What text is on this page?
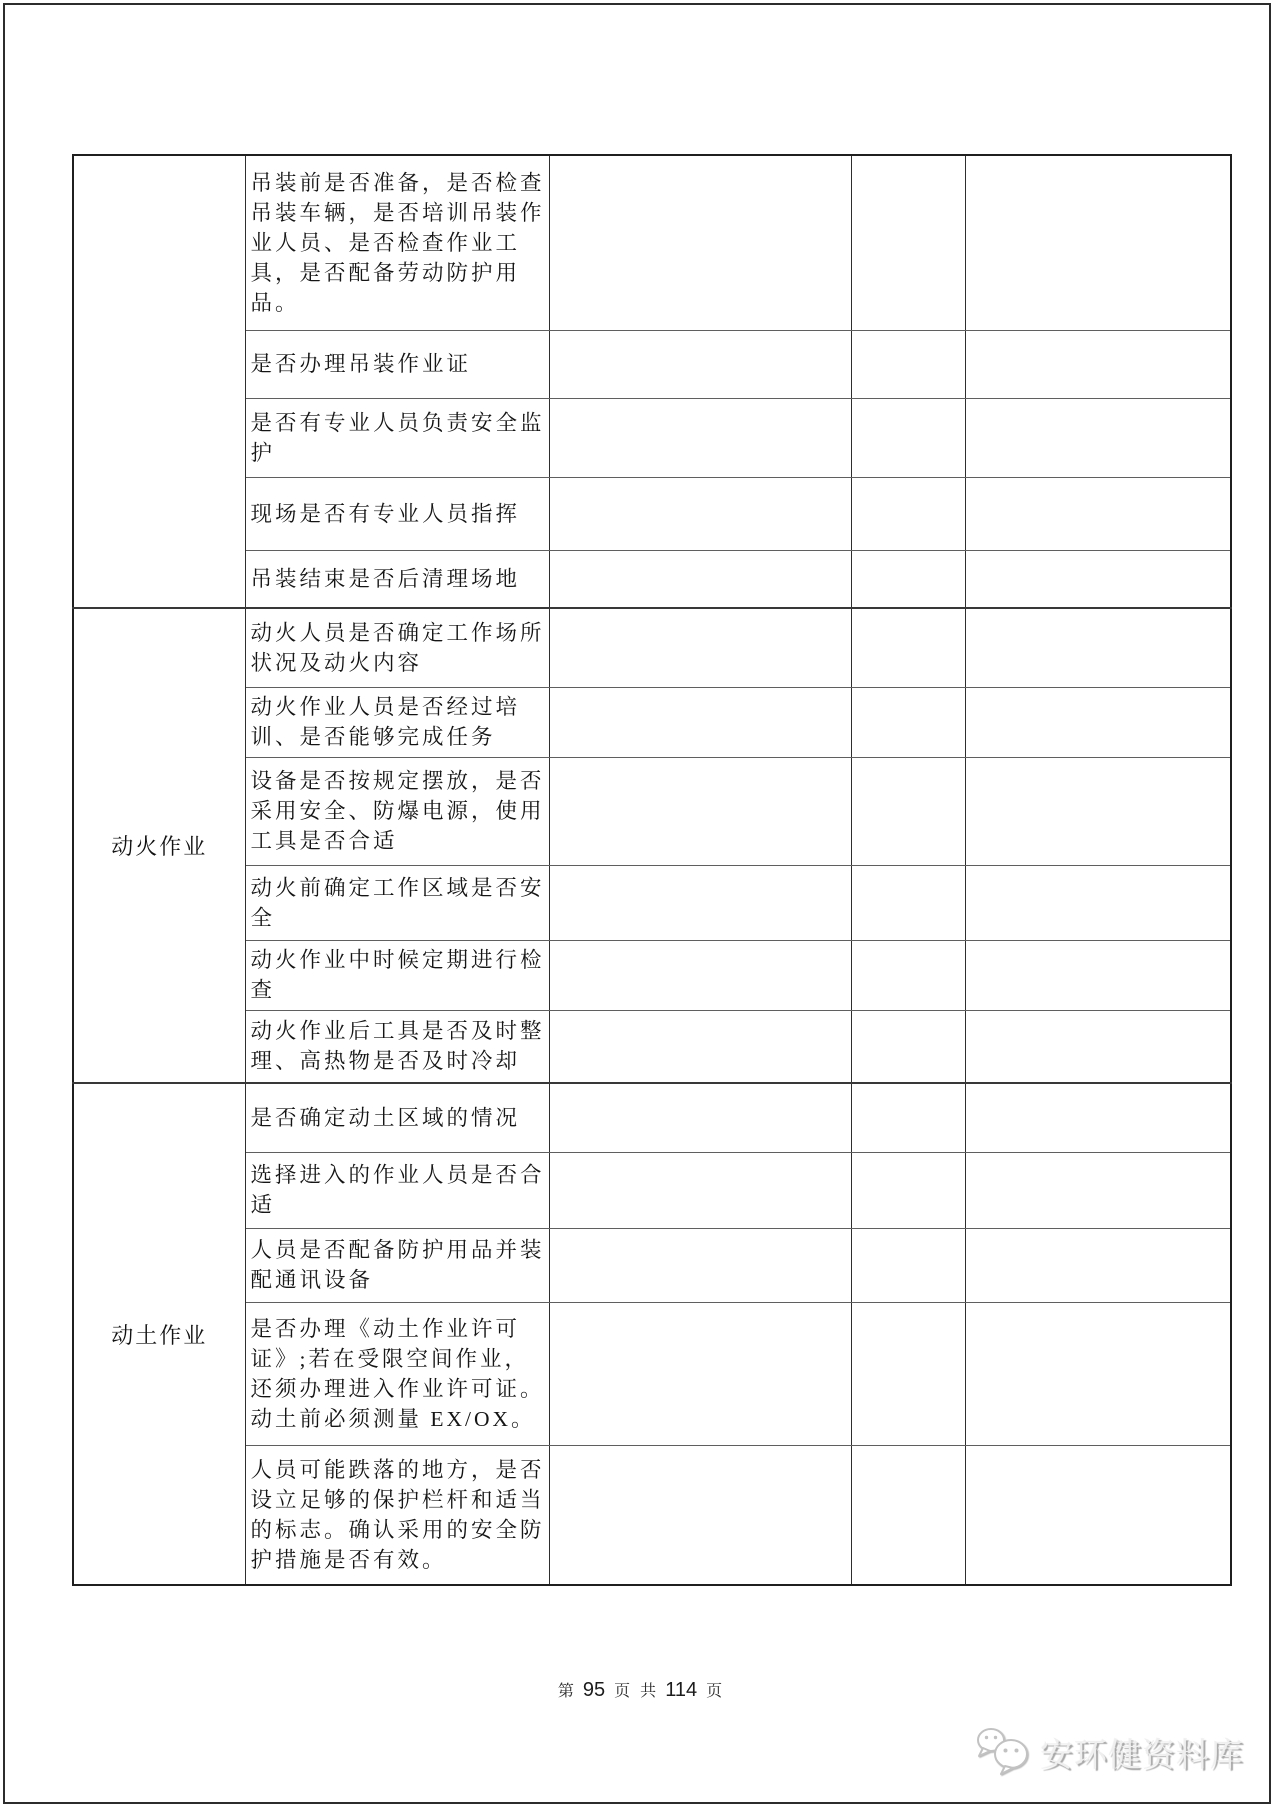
	吊装前是否准备，是否检查吊装车辆，是否培训吊装作业人员、是否检查作业工具，是否配备劳动防护用品。			
	是否办理吊装作业证			
	是否有专业人员负责安全监护			
	现场是否有专业人员指挥			
	吊装结束是否后清理场地			
动火作业	动火人员是否确定工作场所状况及动火内容			
	动火作业人员是否经过培训、是否能够完成任务			
	设备是否按规定摆放，是否采用安全、防爆电源，使用工具是否合适			
	动火前确定工作区域是否安全			
	动火作业中时候定期进行检查			
	动火作业后工具是否及时整理、高热物是否及时冷却			
动土作业	是否确定动土区域的情况			
	选择进入的作业人员是否合适			
	人员是否配备防护用品并装配通讯设备			
	是否办理《动土作业许可证》;若在受限空间作业，还须办理进入作业许可证。动土前必须测量 EX/OX。			
	人员可能跌落的地方，是否设立足够的保护栏杆和适当的标志。确认采用的安全防护措施是否有效。			
第 95 页 共 114 页
安环健资料库
